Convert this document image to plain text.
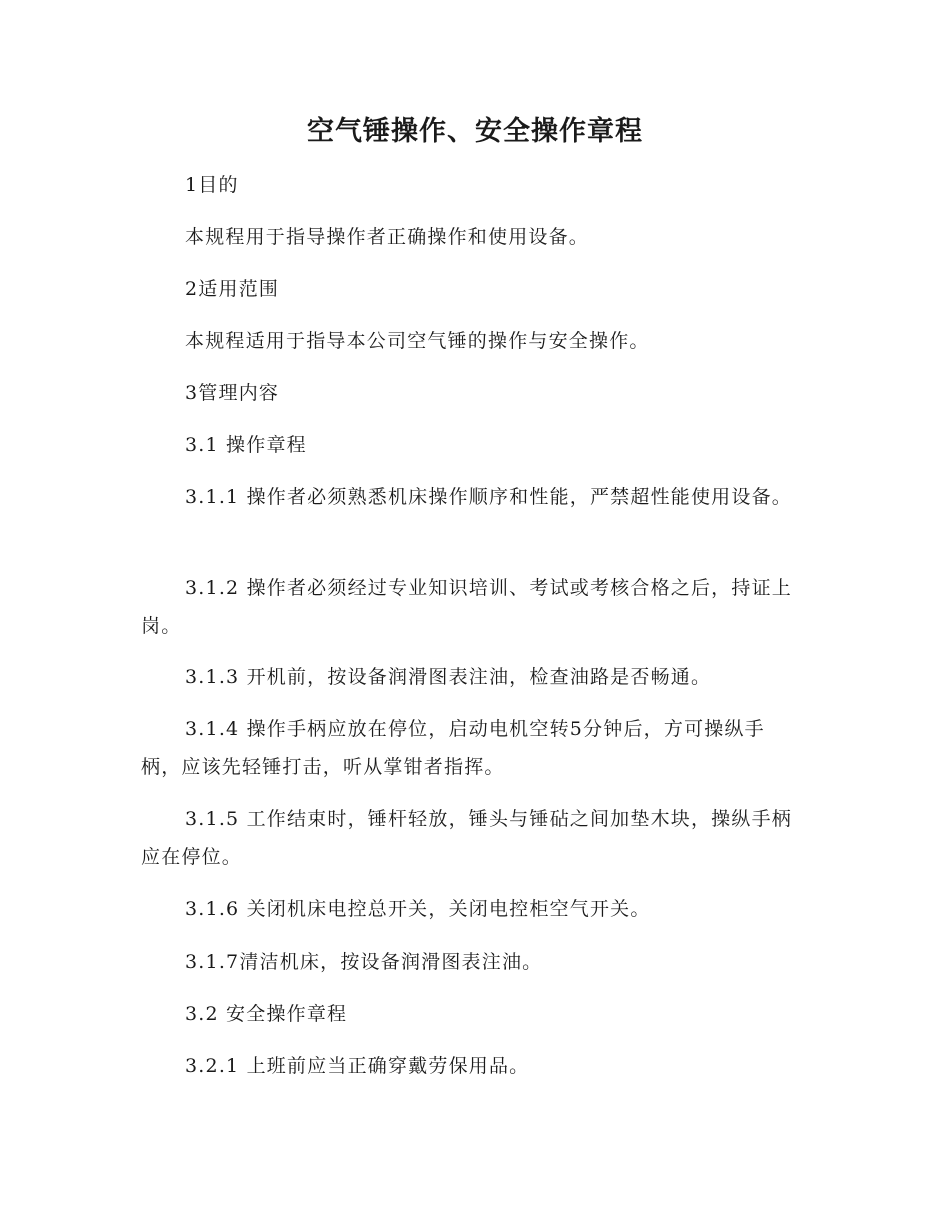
空气锤操作、安全操作章程

1目的

本规程用于指导操作者正确操作和使用设备。

2适用范围

本规程适用于指导本公司空气锤的操作与安全操作。

3管理内容

3.1 操作章程

3.1.1 操作者必须熟悉机床操作顺序和性能，严禁超性能使用设备。

3.1.2 操作者必须经过专业知识培训、考试或考核合格之后，持证上岗。

3.1.3 开机前，按设备润滑图表注油，检查油路是否畅通。

3.1.4 操作手柄应放在停位，启动电机空转5分钟后，方可操纵手柄，应该先轻锤打击，听从掌钳者指挥。

3.1.5 工作结束时，锤杆轻放，锤头与锤砧之间加垫木块，操纵手柄应在停位。

3.1.6 关闭机床电控总开关，关闭电控柜空气开关。

3.1.7清洁机床，按设备润滑图表注油。

3.2 安全操作章程

3.2.1 上班前应当正确穿戴劳保用品。
